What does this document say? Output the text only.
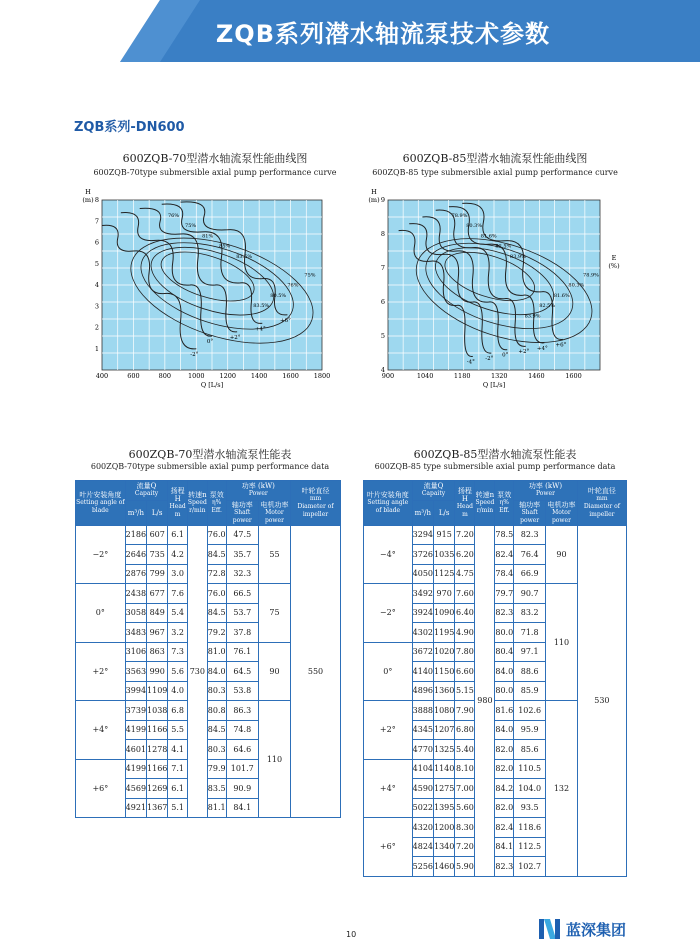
ZQB系列潜水轴流泵技术参数
ZQB系列-DN600
600ZQB-70型潜水轴流泵性能曲线图
600ZQB-70type submersible axial pump performance curve
600ZQB-85型潜水轴流泵性能曲线图
600ZQB-85 type submersible axial pump performance curve
400	600	800	1000 1200 1400 1600 1800
1
2
3
4
5
6
7
8
H
(m)
Q [L/s]
-2°
0°
+2°
+4°
+6°
76%
75%
81%
85%
83.5%
83.5%
80.5%
76%
75%
900	1040	1180	1320	1460	1600
4
5
6
7
8
9
H
(m)
Q [L/s]
E
(%)
-4°
-2°
0°
+2°
+4°
+6°
78.9%
80.3%
81.6%
82.5%
83.9%
83.9%
82.5%
81.6%
80.3%
78.9%
600ZQB-70型潜水轴流泵性能表
600ZQB-70type submersible axial pump performance data
600ZQB-85型潜水轴流泵性能表
600ZQB-85 type submersible axial pump performance data
叶片安装角度
Setting angle of blade	流量Q
Capaity		扬程H
Head
m	转速n
Speed
r/min	泵效
η%
Eff.	功率 (kW)
Power		叶轮直径
mm
Diameter of impeller

	m³/h	L/s				轴功率
Shaft power	电机功率
Motor power	

−2°	2186	607	6.1	730	76.0	47.5	55	550
	2646	735	4.2		84.5	35.7		
	2876	799	3.0		72.8	32.3		
0°	2438	677	7.6		76.0	66.5	75	
	3058	849	5.4		84.5	53.7		
	3483	967	3.2		79.2	37.8		
+2°	3106	863	7.3		81.0	76.1	90	
	3563	990	5.6		84.0	64.5		
	3994	1109	4.0		80.3	53.8		
+4°	3739	1038	6.8		80.8	86.3	110	
	4199	1166	5.5		84.5	74.8		
	4601	1278	4.1		80.3	64.6		
+6°	4199	1166	7.1		79.9	101.7		
	4569	1269	6.1		83.5	90.9		
	4921	1367	5.1		81.1	84.1		
叶片安装角度
Setting angle of blade	流量Q
Capaity		扬程H
Head
m	转速n
Speed
r/min	泵效
η%
Eff.	功率 (kW)
Power		叶轮直径
mm
Diameter of impeller

	m³/h	L/s				轴功率
Shaft power	电机功率
Motor power	

−4°	3294	915	7.20	980	78.5	82.3	90	530
	3726	1035	6.20		82.4	76.4		
	4050	1125	4.75		78.4	66.9		
−2°	3492	970	7.60		79.7	90.7	110	
	3924	1090	6.40		82.3	83.2		
	4302	1195	4.90		80.0	71.8		
0°	3672	1020	7.80		80.4	97.1		
	4140	1150	6.60		84.0	88.6		
	4896	1360	5.15		80.0	85.9		
+2°	3888	1080	7.90		81.6	102.6	132	
	4345	1207	6.80		84.0	95.9		
	4770	1325	5.40		82.0	85.6		
+4°	4104	1140	8.10		82.0	110.5		
	4590	1275	7.00		84.2	104.0		
	5022	1395	5.60		82.0	93.5		
+6°	4320	1200	8.30		82.4	118.6		
	4824	1340	7.20		84.1	112.5		
	5256	1460	5.90		82.3	102.7		
10	蓝深集团
